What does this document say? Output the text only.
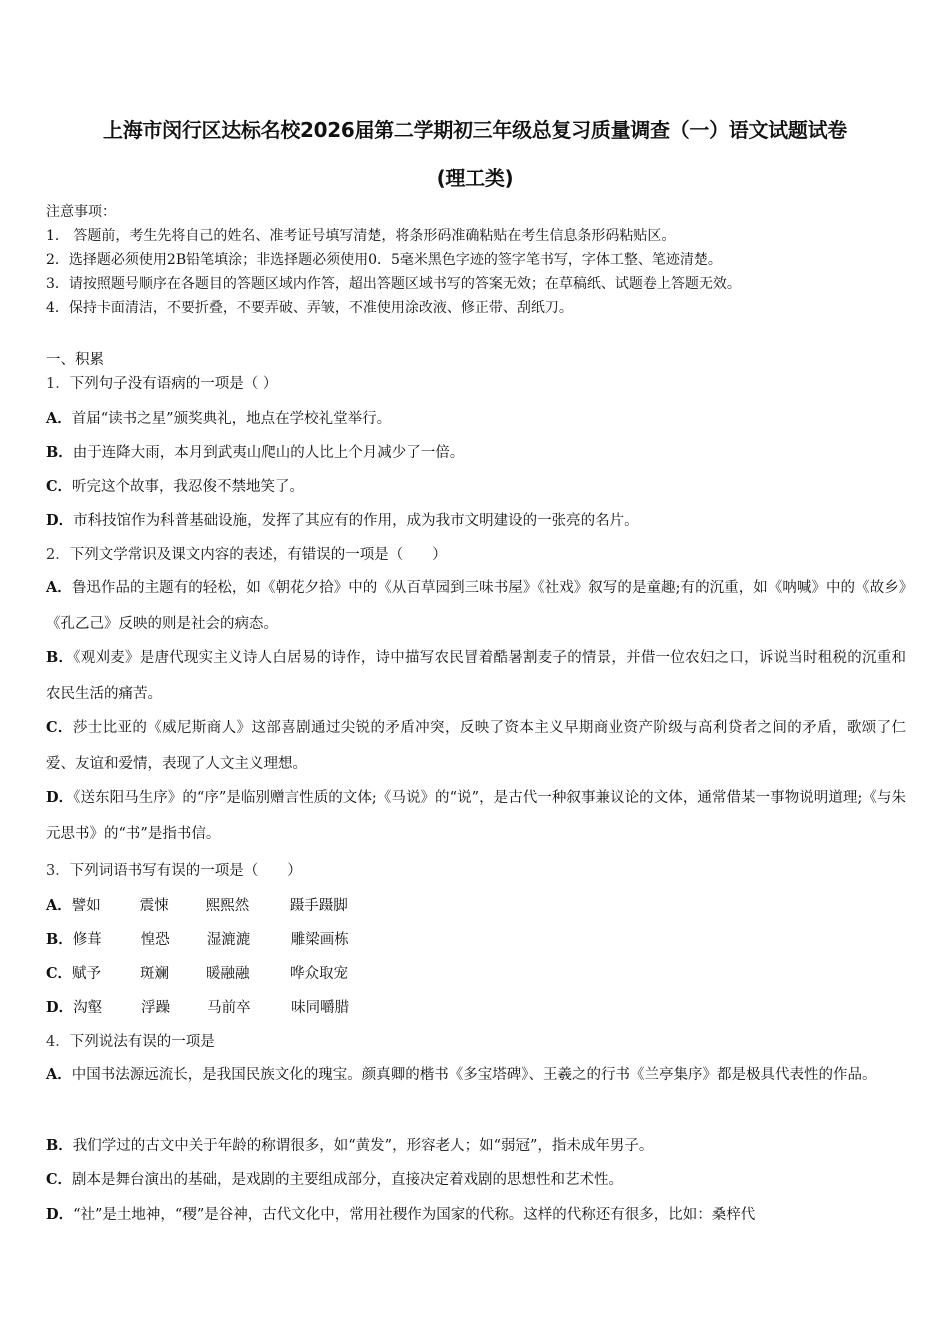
上海市闵行区达标名校2026届第二学期初三年级总复习质量调查（一）语文试题试卷
(理工类)
注意事项：
1． 答题前，考生先将自己的姓名、准考证号填写清楚，将条形码准确粘贴在考生信息条形码粘贴区。
2．选择题必须使用2B铅笔填涂；非选择题必须使用0．5毫米黑色字迹的签字笔书写，字体工整、笔迹清楚。
3．请按照题号顺序在各题目的答题区域内作答，超出答题区域书写的答案无效；在草稿纸、试题卷上答题无效。
4．保持卡面清洁，不要折叠，不要弄破、弄皱，不准使用涂改液、修正带、刮纸刀。
一、积累
1．下列句子没有语病的一项是（ ）
A．首届“读书之星”颁奖典礼，地点在学校礼堂举行。
B．由于连降大雨，本月到武夷山爬山的人比上个月减少了一倍。
C．听完这个故事，我忍俊不禁地笑了。
D．市科技馆作为科普基础设施，发挥了其应有的作用，成为我市文明建设的一张亮的名片。
2．下列文学常识及课文内容的表述，有错误的一项是（　　）
A．鲁迅作品的主题有的轻松，如《朝花夕拾》中的《从百草园到三味书屋》《社戏》叙写的是童趣;有的沉重，如《呐喊》中的《故乡》《孔乙己》反映的则是社会的病态。
B．《观刈麦》是唐代现实主义诗人白居易的诗作，诗中描写农民冒着酷暑割麦子的情景，并借一位农妇之口，诉说当时租税的沉重和农民生活的痛苦。
C．莎士比亚的《威尼斯商人》这部喜剧通过尖锐的矛盾冲突，反映了资本主义早期商业资产阶级与高利贷者之间的矛盾，歌颂了仁爱、友谊和爱情，表现了人文主义理想。
D．《送东阳马生序》的“序”是临别赠言性质的文体;《马说》的“说”，是古代一种叙事兼议论的文体，通常借某一事物说明道理;《与朱元思书》的“书”是指书信。
3．下列词语书写有误的一项是（　　）
A．譬如	震悚	熙熙然	蹑手蹑脚
B．修葺	惶恐	湿漉漉	雕梁画栋
C．赋予	斑斓	暖融融	哗众取宠
D．沟壑	浮躁	马前卒	味同嚼腊
4．下列说法有误的一项是
A．中国书法源远流长，是我国民族文化的瑰宝。颜真卿的楷书《多宝塔碑》、王羲之的行书《兰亭集序》都是极具代表性的作品。
B．我们学过的古文中关于年龄的称谓很多，如“黄发”，形容老人；如“弱冠”，指未成年男子。
C．剧本是舞台演出的基础，是戏剧的主要组成部分，直接决定着戏剧的思想性和艺术性。
D．“社”是土地神，“稷”是谷神，古代文化中，常用社稷作为国家的代称。这样的代称还有很多，比如：桑梓代
